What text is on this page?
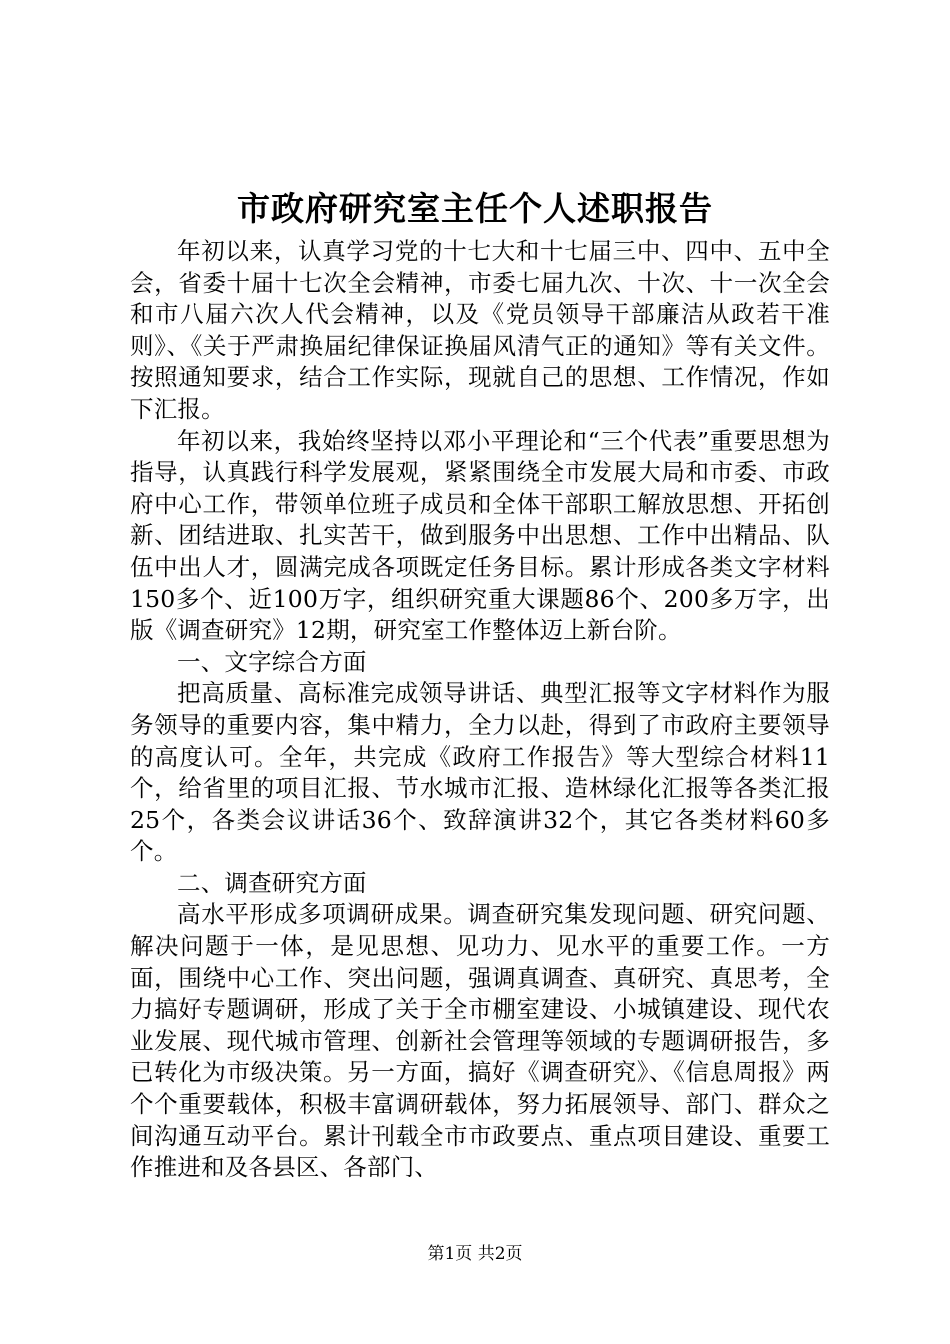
市政府研究室主任个人述职报告

年初以来，认真学习党的十七大和十七届三中、四中、五中全会，省委十届十七次全会精神，市委七届九次、十次、十一次全会和市八届六次人代会精神，以及《党员领导干部廉洁从政若干准则》、《关于严肃换届纪律保证换届风清气正的通知》等有关文件。按照通知要求，结合工作实际，现就自己的思想、工作情况，作如下汇报。

年初以来，我始终坚持以邓小平理论和“三个代表”重要思想为指导，认真践行科学发展观，紧紧围绕全市发展大局和市委、市政府中心工作，带领单位班子成员和全体干部职工解放思想、开拓创新、团结进取、扎实苦干，做到服务中出思想、工作中出精品、队伍中出人才，圆满完成各项既定任务目标。累计形成各类文字材料150多个、近100万字，组织研究重大课题86个、200多万字，出版《调查研究》12期，研究室工作整体迈上新台阶。

一、文字综合方面

把高质量、高标准完成领导讲话、典型汇报等文字材料作为服务领导的重要内容，集中精力，全力以赴，得到了市政府主要领导的高度认可。全年，共完成《政府工作报告》等大型综合材料11个，给省里的项目汇报、节水城市汇报、造林绿化汇报等各类汇报25个，各类会议讲话36个、致辞演讲32个，其它各类材料60多个。

二、调查研究方面

高水平形成多项调研成果。调查研究集发现问题、研究问题、解决问题于一体，是见思想、见功力、见水平的重要工作。一方面，围绕中心工作、突出问题，强调真调查、真研究、真思考，全力搞好专题调研，形成了关于全市棚室建设、小城镇建设、现代农业发展、现代城市管理、创新社会管理等领域的专题调研报告，多已转化为市级决策。另一方面，搞好《调查研究》、《信息周报》两个个重要载体，积极丰富调研载体，努力拓展领导、部门、群众之间沟通互动平台。累计刊载全市市政要点、重点项目建设、重要工作推进和及各县区、各部门、

第1页 共2页
